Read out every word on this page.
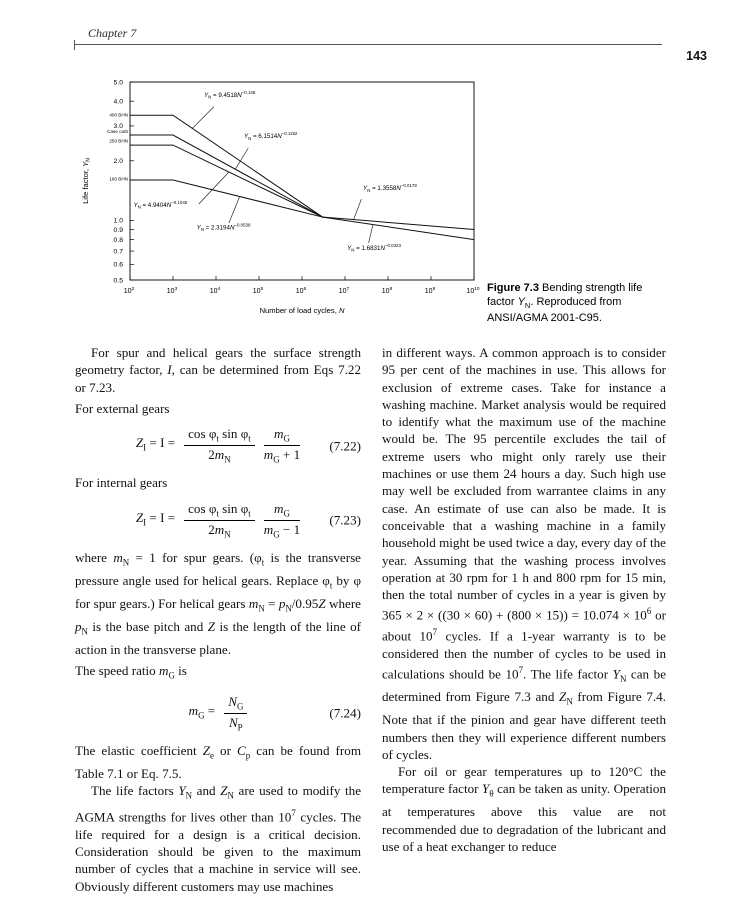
Chapter 7
143
5.0
4.0
3.0
2.0
1.0
0.9
0.8
0.7
0.6
0.5
$10^2$	$10^3$	$10^4$	$10^5$	$10^6$	$10^7$	$10^8$	$10^9$	$10^{10}$
Number of load cycles, N
Life factor, $Y_N$
$Y_N = 9.4518N^{-0.148}$
$Y_N = 6.1514N^{-0.1192}$
$Y_N = 4.9404N^{-0.1045}$
$Y_N = 2.3194N^{-0.0538}$
$Y_N = 1.3558N^{-0.0178}$
$Y_N = 1.6831N^{-0.0323}$
400 BHN
Case carb
250 BHN
160 BHN
Figure 7.3 Bending strength life factor $Y_N$. Reproduced from ANSI/AGMA 2001-C95.

For spur and helical gears the surface strength geometry factor, I, can be determined from Eqs 7.22 or 7.23.

For external gears

$Z_I = I = \frac{\cos \varphi_t \sin \varphi_t}{2m_N} \frac{m_G}{m_G + 1} (7.22)$

For internal gears

$Z_I = I = \frac{\cos \varphi_t \sin \varphi_t}{2m_N} \frac{m_G}{m_G - 1} (7.23)$

where $m_N = 1$ for spur gears. ($\varphi_t$ is the transverse pressure angle used for helical gears. Replace $\varphi_t$ by φ for spur gears.) For helical gears $m_N = p_N/0.95Z$ where $p_N$ is the base pitch and Z is the length of the line of action in the transverse plane.

The speed ratio $m_G$ is

$m_G = \frac{N_G}{N_P}$	(7.24)

The elastic coefficient $Z_e$ or $C_p$ can be found from Table 7.1 or Eq. 7.5.

The life factors $Y_N$ and $Z_N$ are used to modify the AGMA strengths for lives other than $10^7$ cycles. The life required for a design is a critical decision. Consideration should be given to the maximum number of cycles that a machine in service will see. Obviously different customers may use machines

in different ways. A common approach is to consider 95 per cent of the machines in use. This allows for exclusion of extreme cases. Take for instance a washing machine. Market analysis would be required to identify what the maximum use of the machine would be. The 95 percentile excludes the tail of extreme users who might only rarely use their machines or use them 24 hours a day. Such high use may well be excluded from warrantee claims in any case. An estimate of use can also be made. It is conceivable that a washing machine in a family household might be used twice a day, every day of the year. Assuming that the washing process involves operation at 30 rpm for 1 h and 800 rpm for 15 min, then the total number of cycles in a year is given by $365 \times 2 \times ((30 \times 60) + (800 \times 15)) = 10.074 \times 10^6$ or about $10^7$ cycles. If a 1-year warranty is to be considered then the number of cycles to be used in calculations should be $10^7$. The life factor $Y_N$ can be determined from Figure 7.3 and $Z_N$ from Figure 7.4. Note that if the pinion and gear have different teeth numbers then they will experience different numbers of cycles.

For oil or gear temperatures up to 120°C the temperature factor $Y_\theta$ can be taken as unity. Operation at temperatures above this value are not recommended due to degradation of the lubricant and use of a heat exchanger to reduce
